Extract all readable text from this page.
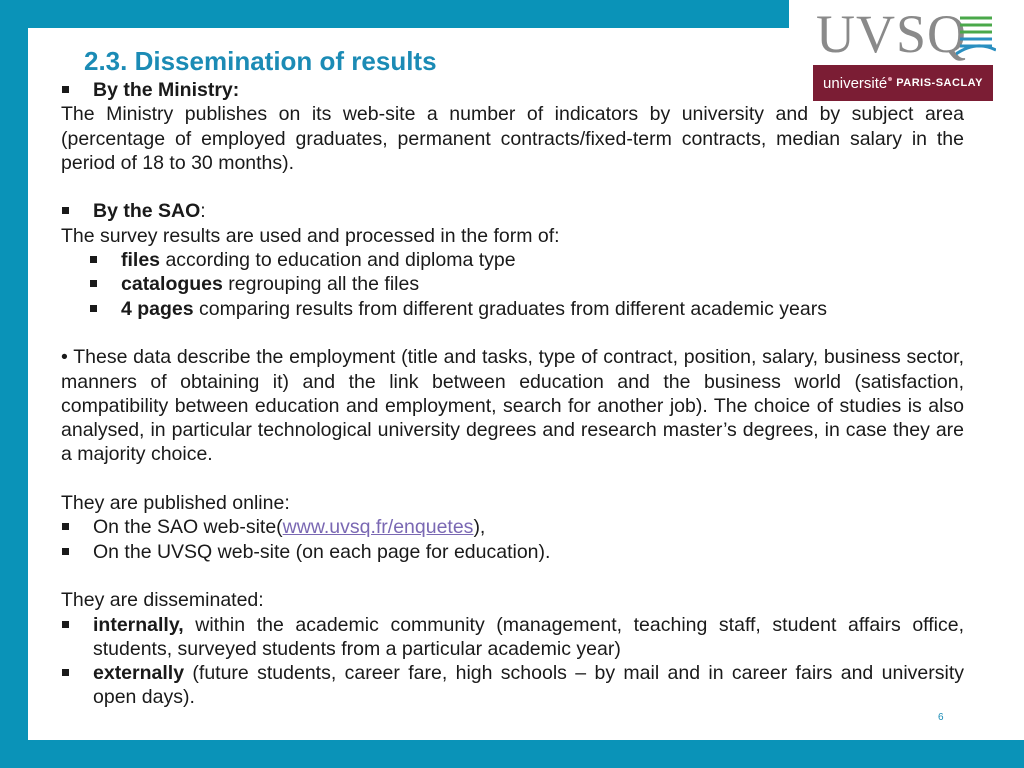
UVSQ
université PARIS-SACLAY
2.3. Dissemination of results
By the Ministry:

The Ministry publishes on its web-site a number of indicators by university and by subject area (percentage of employed graduates, permanent contracts/fixed-term contracts, median salary in the period of 18 to 30 months).

By the SAO:

The survey results are used and processed in the form of:

files according to education and diploma type
catalogues regrouping all the files
4 pages comparing results from different graduates from different academic years

• These data describe the employment (title and tasks, type of contract, position, salary, business sector, manners of obtaining it) and the link between education and the business world (satisfaction, compatibility between education and employment, search for another job). The choice of studies is also analysed, in particular technological university degrees and research master’s degrees, in case they are a majority choice.

They are published online:

On the SAO web-site(www.uvsq.fr/enquetes),
On the UVSQ web-site (on each page for education).

They are disseminated:

internally, within the academic community (management, teaching staff, student affairs office, students, surveyed students from a particular academic year)
externally (future students, career fare, high schools – by mail and in career fairs and university open days).
6
